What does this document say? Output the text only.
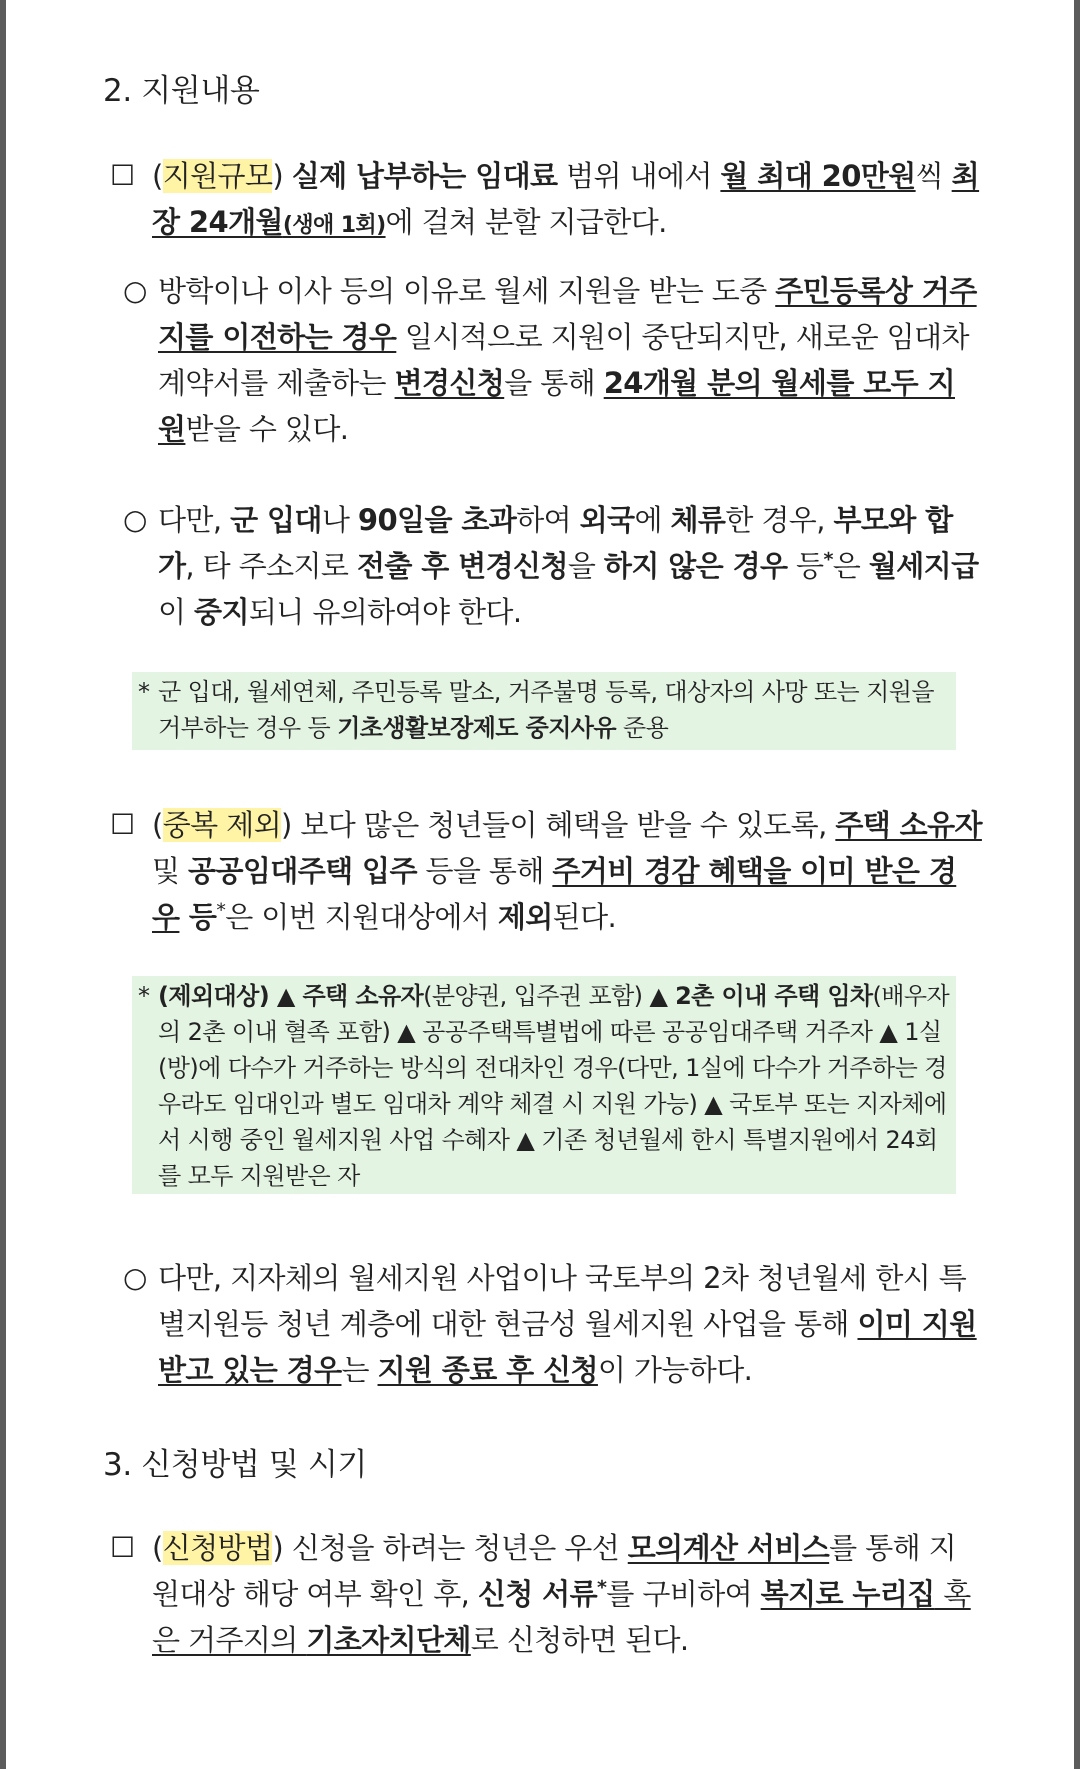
2. 지원내용
☐ (지원규모) 실제 납부하는 임대료 범위 내에서 월 최대 20만원씩 최장 24개월(생애 1회)에 걸쳐 분할 지급한다.
○ 방학이나 이사 등의 이유로 월세 지원을 받는 도중 주민등록상 거주지를 이전하는 경우 일시적으로 지원이 중단되지만, 새로운 임대차계약서를 제출하는 변경신청을 통해 24개월 분의 월세를 모두 지원받을 수 있다.
○ 다만, 군 입대나 90일을 초과하여 외국에 체류한 경우, 부모와 합가, 타 주소지로 전출 후 변경신청을 하지 않은 경우 등*은 월세지급이 중지되니 유의하여야 한다.
* 군 입대, 월세연체, 주민등록 말소, 거주불명 등록, 대상자의 사망 또는 지원을 거부하는 경우 등 기초생활보장제도 중지사유 준용
☐ (중복 제외) 보다 많은 청년들이 혜택을 받을 수 있도록, 주택 소유자 및 공공임대주택 입주 등을 통해 주거비 경감 혜택을 이미 받은 경우 등*은 이번 지원대상에서 제외된다.
* (제외대상) ▲ 주택 소유자(분양권, 입주권 포함) ▲ 2촌 이내 주택 임차(배우자의 2촌 이내 혈족 포함) ▲ 공공주택특별법에 따른 공공임대주택 거주자 ▲ 1실(방)에 다수가 거주하는 방식의 전대차인 경우(다만, 1실에 다수가 거주하는 경우라도 임대인과 별도 임대차 계약 체결 시 지원 가능) ▲ 국토부 또는 지자체에서 시행 중인 월세지원 사업 수혜자 ▲ 기존 청년월세 한시 특별지원에서 24회를 모두 지원받은 자
○ 다만, 지자체의 월세지원 사업이나 국토부의 2차 청년월세 한시 특별지원등 청년 계층에 대한 현금성 월세지원 사업을 통해 이미 지원받고 있는 경우는 지원 종료 후 신청이 가능하다.
3. 신청방법 및 시기
☐ (신청방법) 신청을 하려는 청년은 우선 모의계산 서비스를 통해 지원대상 해당 여부 확인 후, 신청 서류*를 구비하여 복지로 누리집 혹은 거주지의 기초자치단체로 신청하면 된다.
